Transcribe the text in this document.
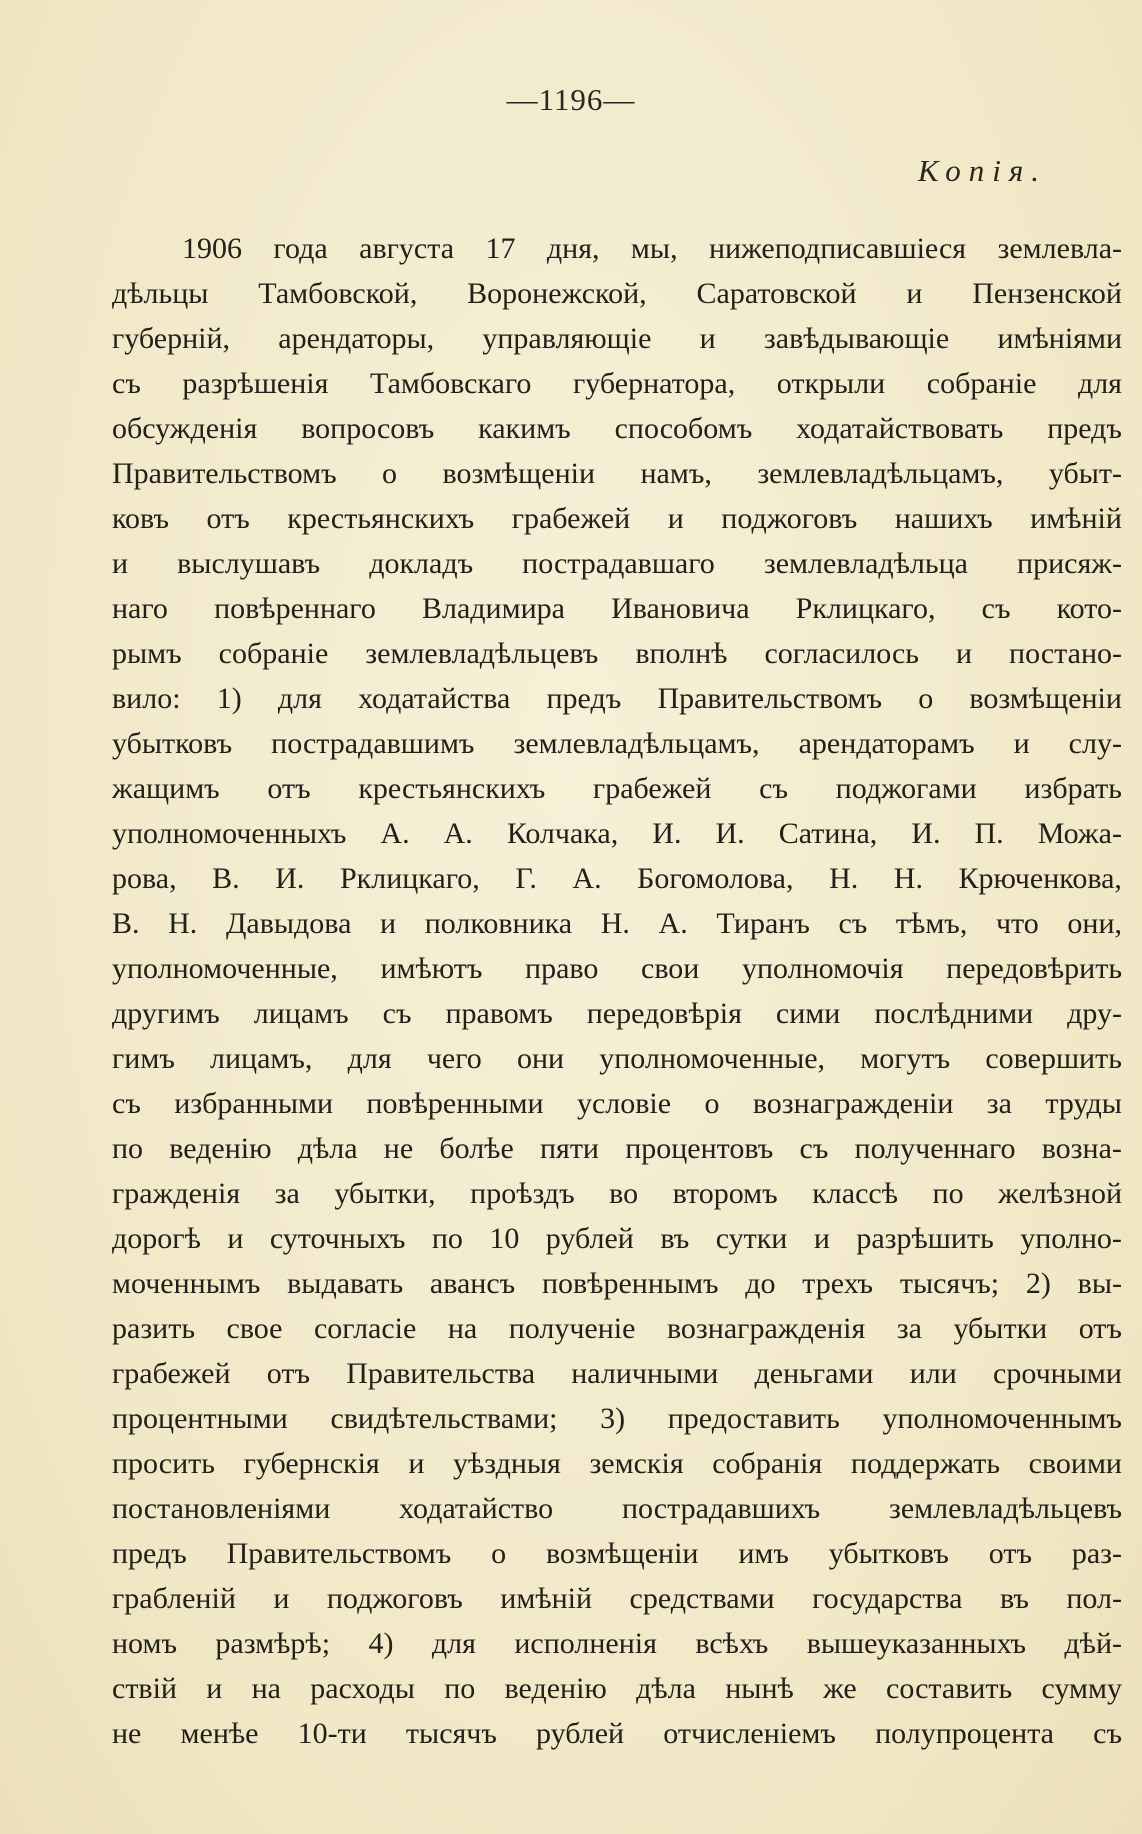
—1196—
Копія.
1906 года августа 17 дня, мы, нижеподписавшіеся землевла-
дѣльцы Тамбовской, Воронежской, Саратовской и Пензенской
губерній, арендаторы, управляющіе и завѣдывающіе имѣніями
съ разрѣшенія Тамбовскаго губернатора, открыли собраніе для
обсужденія вопросовъ какимъ способомъ ходатайствовать предъ
Правительствомъ о возмѣщеніи намъ, землевладѣльцамъ, убыт-
ковъ отъ крестьянскихъ грабежей и поджоговъ нашихъ имѣній
и выслушавъ докладъ пострадавшаго землевладѣльца присяж-
наго повѣреннаго Владимира Ивановича Рклицкаго, съ кото-
рымъ собраніе землевладѣльцевъ вполнѣ согласилось и постано-
вило: 1) для ходатайства предъ Правительствомъ о возмѣщеніи
убытковъ пострадавшимъ землевладѣльцамъ, арендаторамъ и слу-
жащимъ отъ крестьянскихъ грабежей съ поджогами избрать
уполномоченныхъ А. А. Колчака, И. И. Сатина, И. П. Можа-
рова, В. И. Рклицкаго, Г. А. Богомолова, Н. Н. Крюченкова,
В. Н. Давыдова и полковника Н. А. Тиранъ съ тѣмъ, что они,
уполномоченные, имѣютъ право свои уполномочія передовѣрить
другимъ лицамъ съ правомъ передовѣрія сими послѣдними дру-
гимъ лицамъ, для чего они уполномоченные, могутъ совершить
съ избранными повѣренными условіе о вознагражденіи за труды
по веденію дѣла не болѣе пяти процентовъ съ полученнаго возна-
гражденія за убытки, проѣздъ во второмъ классѣ по желѣзной
дорогѣ и суточныхъ по 10 рублей въ сутки и разрѣшить уполно-
моченнымъ выдавать авансъ повѣреннымъ до трехъ тысячъ; 2) вы-
разить свое согласіе на полученіе вознагражденія за убытки отъ
грабежей отъ Правительства наличными деньгами или срочными
процентными свидѣтельствами; 3) предоставить уполномоченнымъ
просить губернскія и уѣздныя земскія собранія поддержать своими
постановленіями ходатайство пострадавшихъ землевладѣльцевъ
предъ Правительствомъ о возмѣщеніи имъ убытковъ отъ раз-
грабленій и поджоговъ имѣній средствами государства въ пол-
номъ размѣрѣ; 4) для исполненія всѣхъ вышеуказанныхъ дѣй-
ствій и на расходы по веденію дѣла нынѣ же составить сумму
не менѣе 10-ти тысячъ рублей отчисленіемъ полупроцента съ
